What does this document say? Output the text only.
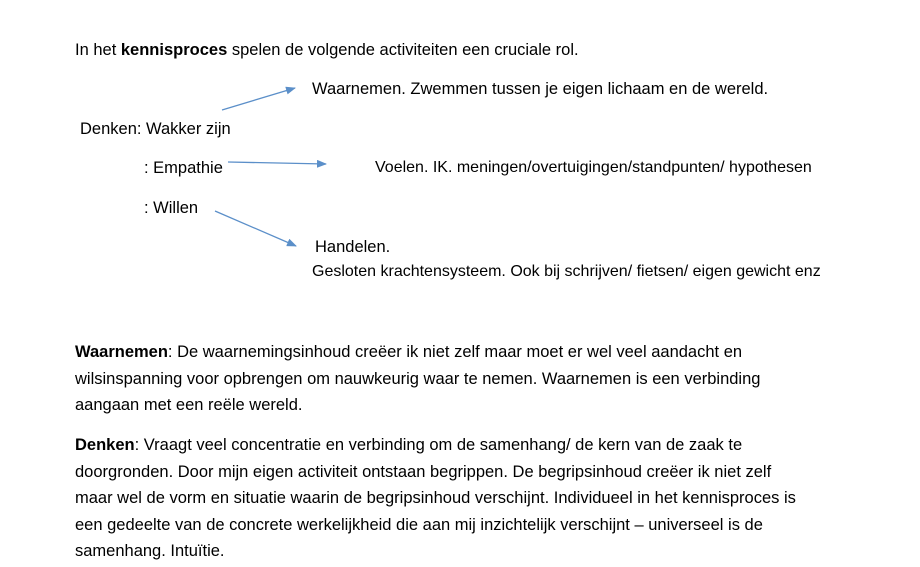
In het kennisproces spelen de volgende activiteiten een cruciale rol.
Denken: Wakker zijn
: Empathie
: Willen
Waarnemen. Zwemmen tussen je eigen lichaam en de wereld.
Voelen. IK. meningen/overtuigingen/standpunten/ hypothesen
Handelen.
Gesloten krachtensysteem. Ook bij schrijven/ fietsen/ eigen gewicht enz
Waarnemen: De waarnemingsinhoud creëer ik niet zelf maar moet er wel veel aandacht en
wilsinspanning voor opbrengen om nauwkeurig waar te nemen. Waarnemen is een verbinding
aangaan met een reële wereld.
Denken: Vraagt veel concentratie en verbinding om de samenhang/ de kern van de zaak te
doorgronden. Door mijn eigen activiteit ontstaan begrippen. De begripsinhoud creëer ik niet zelf
maar wel de vorm en situatie waarin de begripsinhoud verschijnt. Individueel in het kennisproces is
een gedeelte van de concrete werkelijkheid die aan mij inzichtelijk verschijnt – universeel is de
samenhang. Intuïtie.
